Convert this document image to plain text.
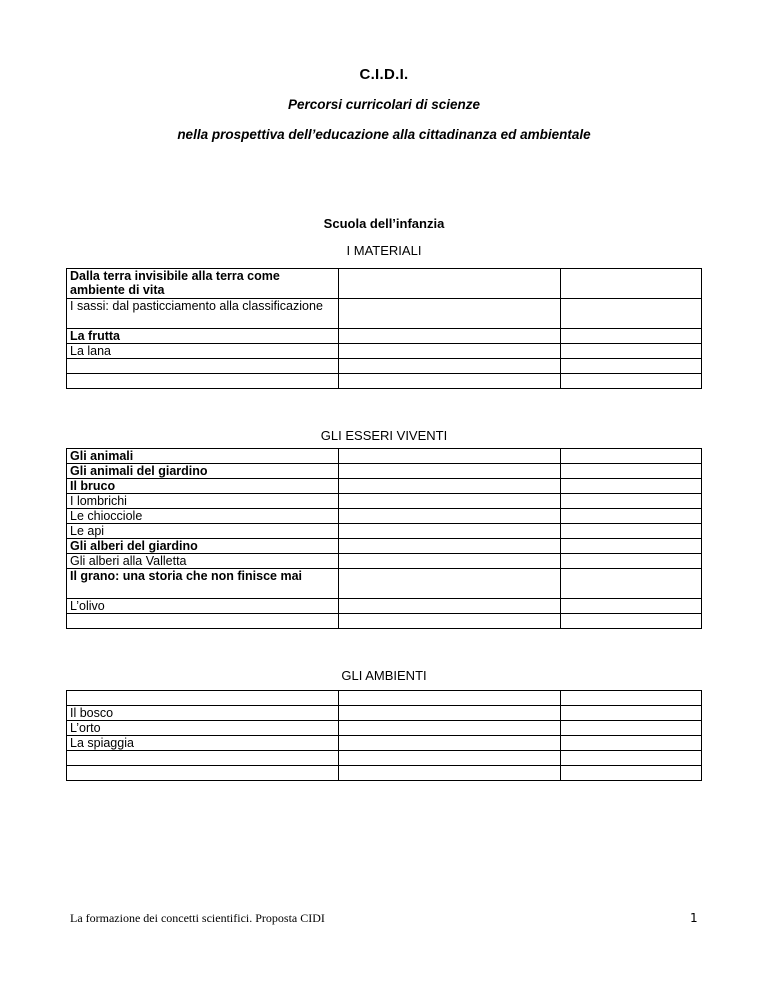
C.I.D.I.
Percorsi curricolari di scienze
nella prospettiva dell’educazione alla cittadinanza ed ambientale
Scuola dell’infanzia
I MATERIALI
Dalla terra invisibile alla terra come ambiente di vita		
I sassi: dal pasticciamento alla classificazione		
La frutta		
La lana		

GLI ESSERI VIVENTI
Gli animali		
Gli animali del giardino		
Il bruco		
I lombrichi		
Le chiocciole		
Le api		
Gli alberi del giardino		
Gli alberi alla Valletta		
Il grano: una storia che non finisce mai		
L’olivo		

GLI AMBIENTI

Il bosco		
L’orto		
La spiaggia		

La formazione dei concetti scientifici. Proposta CIDI	1
